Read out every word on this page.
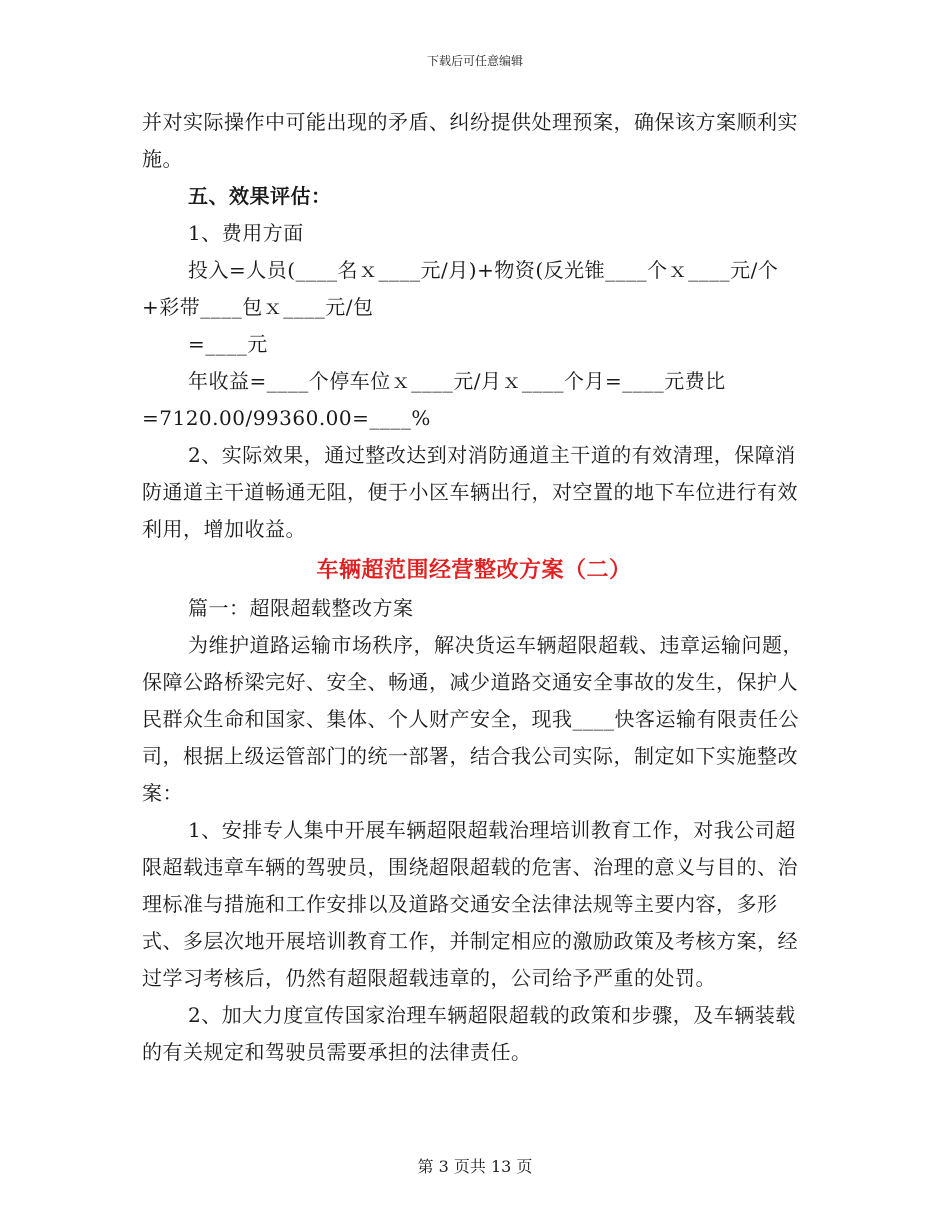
下载后可任意编辑

并对实际操作中可能出现的矛盾、纠纷提供处理预案，确保该方案顺利实施。

五、效果评估：

1、费用方面

投入=人员(____名ｘ____元/月)+物资(反光锥____个ｘ____元/个+彩带____包ｘ____元/包

=____元

年收益=____个停车位ｘ____元/月ｘ____个月=____元费比

=7120.00/99360.00=____%

2、实际效果，通过整改达到对消防通道主干道的有效清理，保障消防通道主干道畅通无阻，便于小区车辆出行，对空置的地下车位进行有效利用，增加收益。

车辆超范围经营整改方案（二）

篇一：超限超载整改方案

为维护道路运输市场秩序，解决货运车辆超限超载、违章运输问题，保障公路桥梁完好、安全、畅通，减少道路交通安全事故的发生，保护人民群众生命和国家、集体、个人财产安全，现我____快客运输有限责任公司，根据上级运管部门的统一部署，结合我公司实际，制定如下实施整改案：

1、安排专人集中开展车辆超限超载治理培训教育工作，对我公司超限超载违章车辆的驾驶员，围绕超限超载的危害、治理的意义与目的、治理标准与措施和工作安排以及道路交通安全法律法规等主要内容，多形式、多层次地开展培训教育工作，并制定相应的激励政策及考核方案，经过学习考核后，仍然有超限超载违章的，公司给予严重的处罚。

2、加大力度宣传国家治理车辆超限超载的政策和步骤，及车辆装载的有关规定和驾驶员需要承担的法律责任。

第 3 页共 13 页
